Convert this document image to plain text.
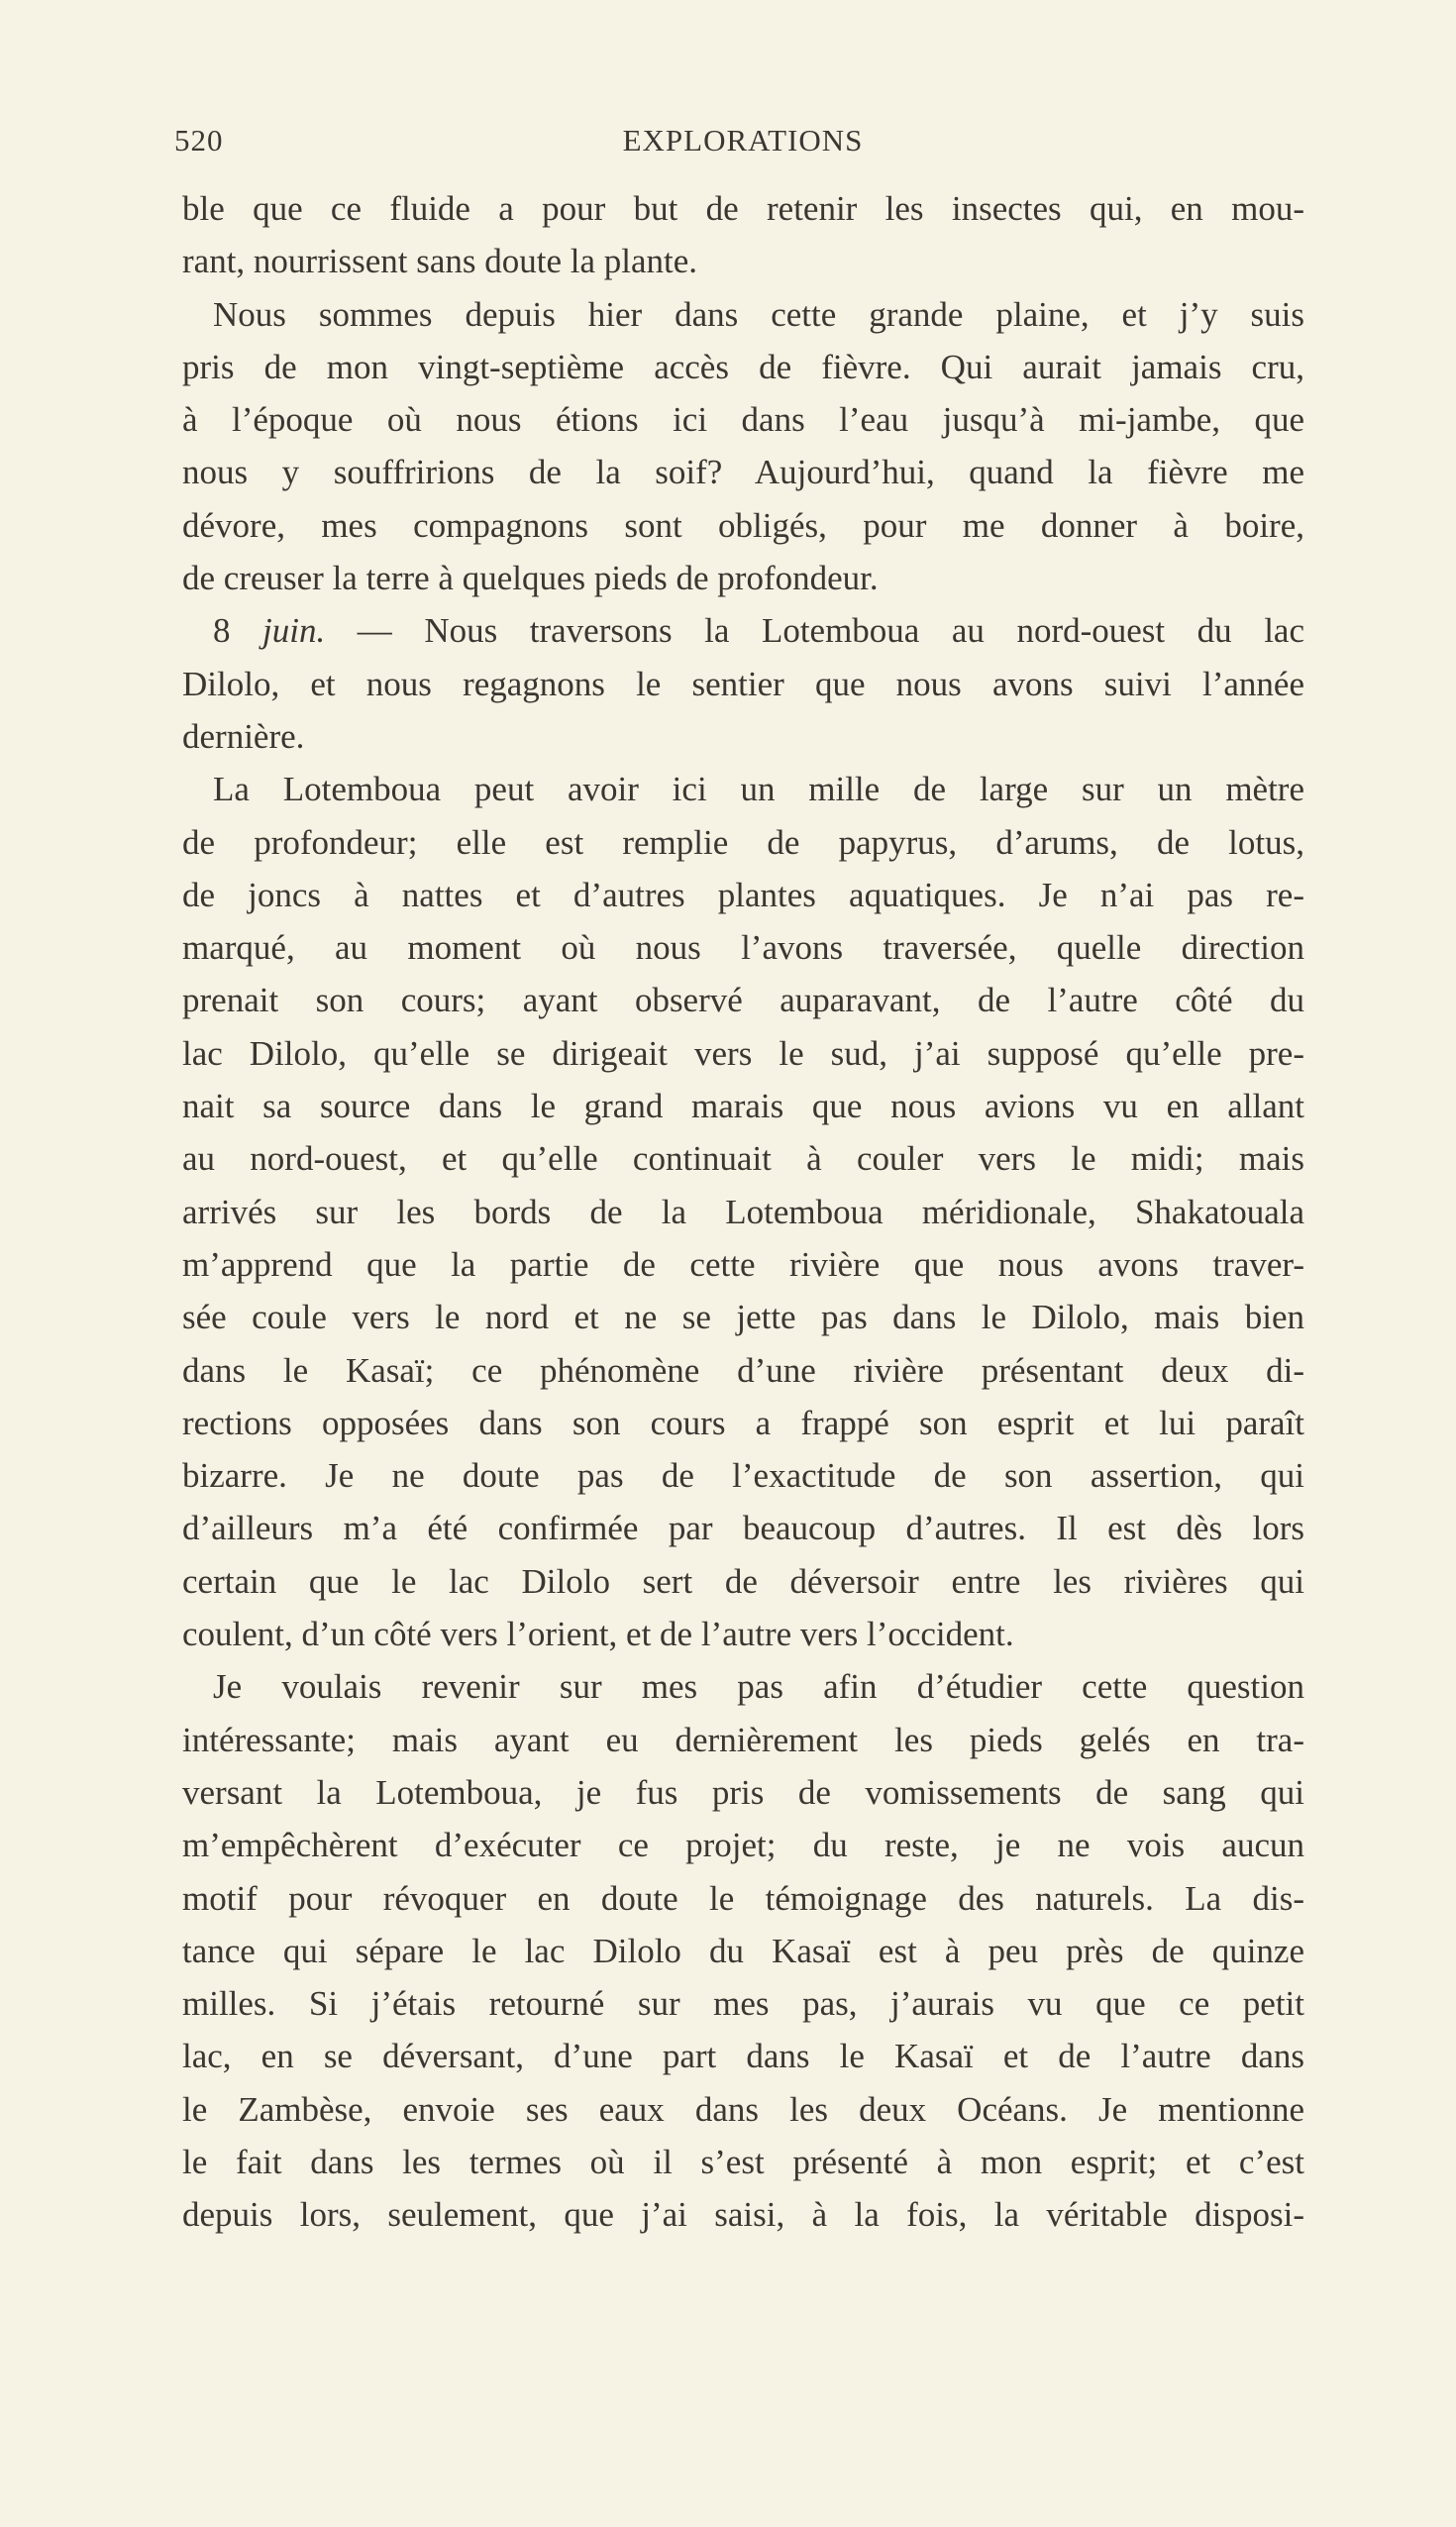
520	EXPLORATIONS
ble que ce fluide a pour but de retenir les insectes qui, en mou-
rant, nourrissent sans doute la plante.
Nous sommes depuis hier dans cette grande plaine, et j’y suis
pris de mon vingt-septième accès de fièvre. Qui aurait jamais cru,
à l’époque où nous étions ici dans l’eau jusqu’à mi-jambe, que
nous y souffririons de la soif? Aujourd’hui, quand la fièvre me
dévore, mes compagnons sont obligés, pour me donner à boire,
de creuser la terre à quelques pieds de profondeur.
8 juin. — Nous traversons la Lotemboua au nord-ouest du lac
Dilolo, et nous regagnons le sentier que nous avons suivi l’année
dernière.
La Lotemboua peut avoir ici un mille de large sur un mètre
de profondeur; elle est remplie de papyrus, d’arums, de lotus,
de joncs à nattes et d’autres plantes aquatiques. Je n’ai pas re-
marqué, au moment où nous l’avons traversée, quelle direction
prenait son cours; ayant observé auparavant, de l’autre côté du
lac Dilolo, qu’elle se dirigeait vers le sud, j’ai supposé qu’elle pre-
nait sa source dans le grand marais que nous avions vu en allant
au nord-ouest, et qu’elle continuait à couler vers le midi; mais
arrivés sur les bords de la Lotemboua méridionale, Shakatouala
m’apprend que la partie de cette rivière que nous avons traver-
sée coule vers le nord et ne se jette pas dans le Dilolo, mais bien
dans le Kasaï; ce phénomène d’une rivière présentant deux di-
rections opposées dans son cours a frappé son esprit et lui paraît
bizarre. Je ne doute pas de l’exactitude de son assertion, qui
d’ailleurs m’a été confirmée par beaucoup d’autres. Il est dès lors
certain que le lac Dilolo sert de déversoir entre les rivières qui
coulent, d’un côté vers l’orient, et de l’autre vers l’occident.
Je voulais revenir sur mes pas afin d’étudier cette question
intéressante; mais ayant eu dernièrement les pieds gelés en tra-
versant la Lotemboua, je fus pris de vomissements de sang qui
m’empêchèrent d’exécuter ce projet; du reste, je ne vois aucun
motif pour révoquer en doute le témoignage des naturels. La dis-
tance qui sépare le lac Dilolo du Kasaï est à peu près de quinze
milles. Si j’étais retourné sur mes pas, j’aurais vu que ce petit
lac, en se déversant, d’une part dans le Kasaï et de l’autre dans
le Zambèse, envoie ses eaux dans les deux Océans. Je mentionne
le fait dans les termes où il s’est présenté à mon esprit; et c’est
depuis lors, seulement, que j’ai saisi, à la fois, la véritable disposi-
